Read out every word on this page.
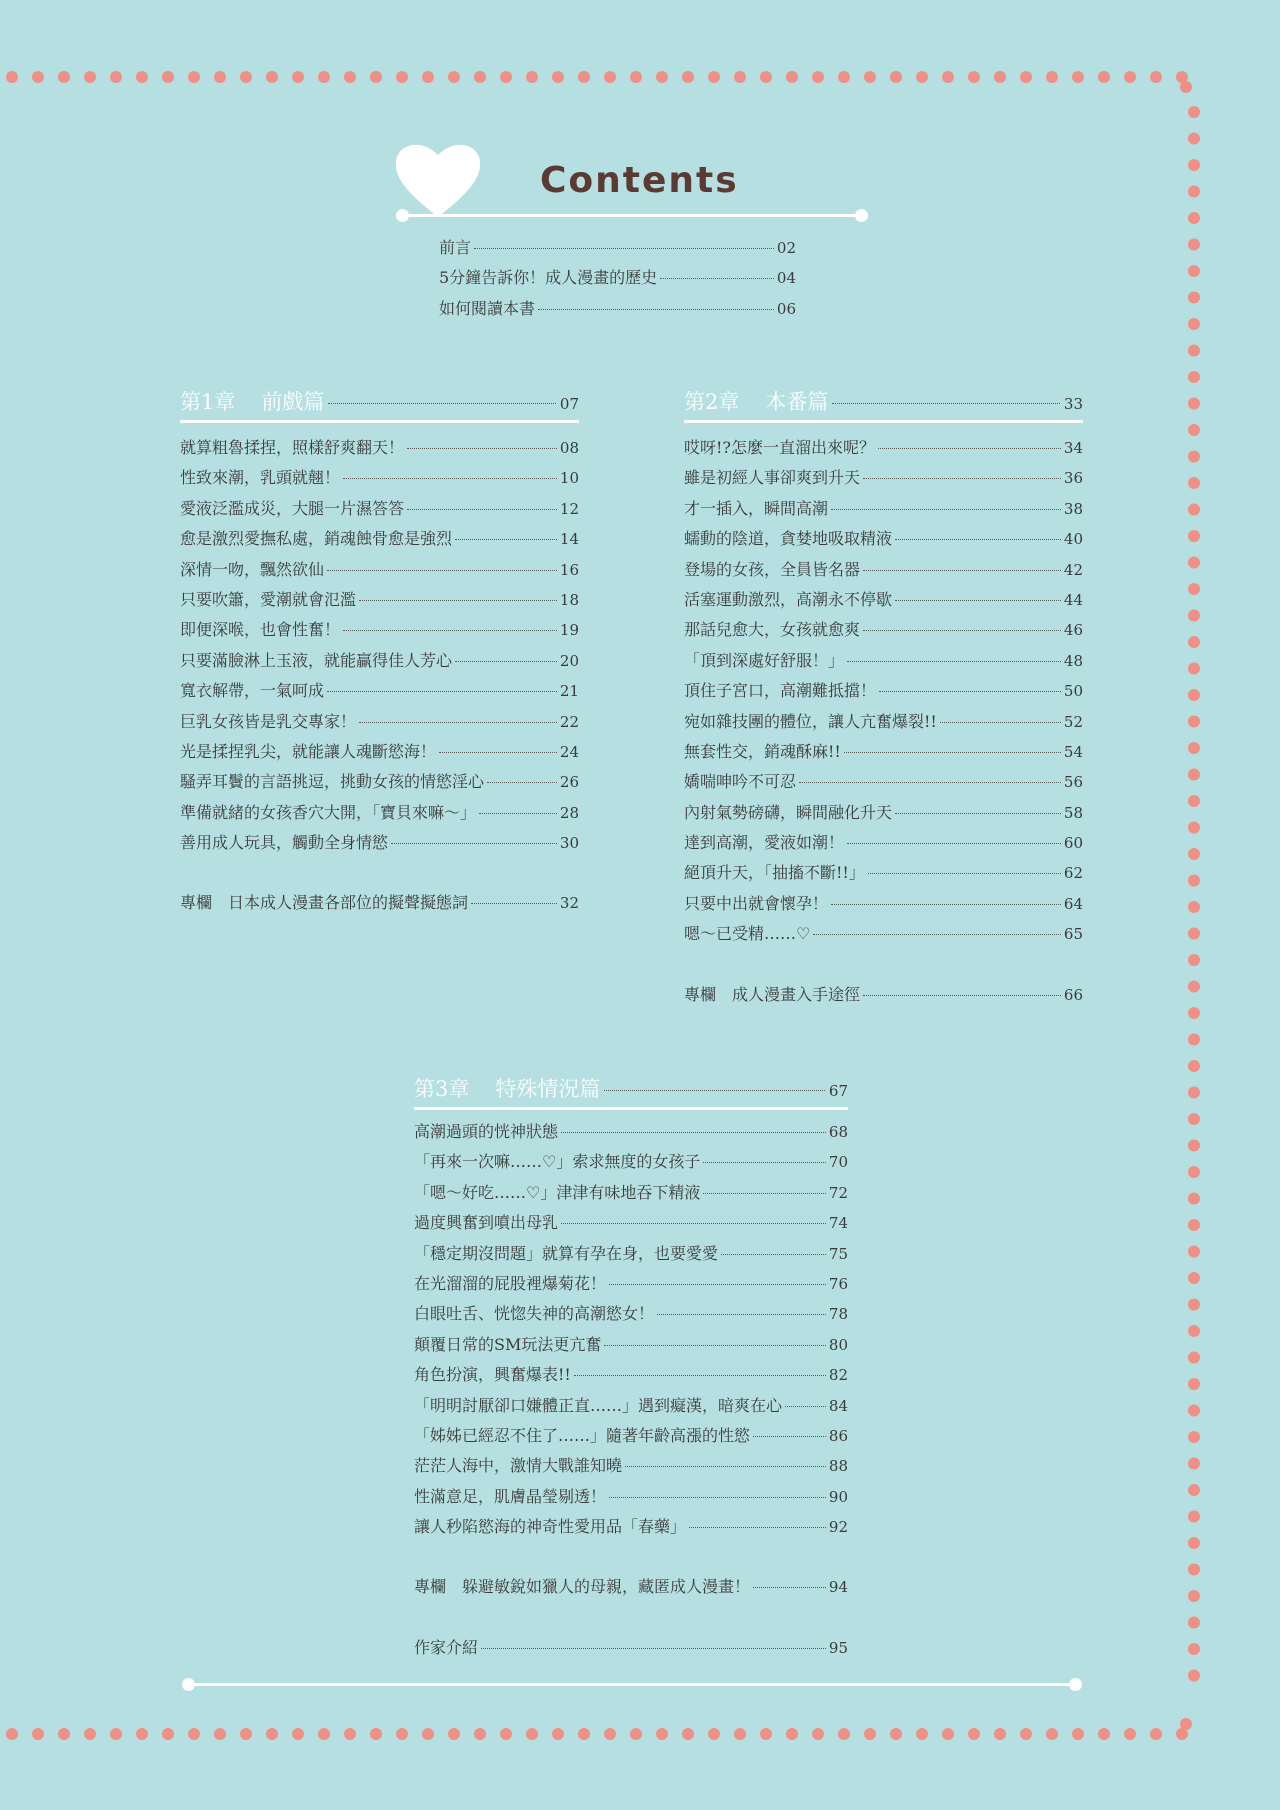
Contents
前言	02
5分鐘告訴你！成人漫畫的歷史	04
如何閱讀本書	06
第1章 前戲篇	07
就算粗魯揉捏，照樣舒爽翻天！	08
性致來潮，乳頭就翹！	10
愛液泛濫成災，大腿一片濕答答	12
愈是激烈愛撫私處，銷魂蝕骨愈是強烈	14
深情一吻，飄然欲仙	16
只要吹簫，愛潮就會氾濫	18
即便深喉，也會性奮！	19
只要滿臉淋上玉液，就能贏得佳人芳心	20
寬衣解帶，一氣呵成	21
巨乳女孩皆是乳交專家！	22
光是揉捏乳尖，就能讓人魂斷慾海！	24
騷弄耳鬢的言語挑逗，挑動女孩的情慾淫心	26
準備就緒的女孩香穴大開，「寶貝來嘛～」	28
善用成人玩具，觸動全身情慾	30
專欄　日本成人漫畫各部位的擬聲擬態詞	32
第2章 本番篇	33
哎呀!?怎麼一直溜出來呢？	34
雖是初經人事卻爽到升天	36
才一插入，瞬間高潮	38
蠕動的陰道，貪婪地吸取精液	40
登場的女孩，全員皆名器	42
活塞運動激烈，高潮永不停歇	44
那話兒愈大，女孩就愈爽	46
「頂到深處好舒服！」	48
頂住子宮口，高潮難抵擋！	50
宛如雜技團的體位，讓人亢奮爆裂!!	52
無套性交，銷魂酥麻!!	54
嬌喘呻吟不可忍	56
內射氣勢磅礴，瞬間融化升天	58
達到高潮，愛液如潮！	60
絕頂升天，「抽搐不斷!!」	62
只要中出就會懷孕！	64
嗯～已受精……♡	65
專欄　成人漫畫入手途徑	66
第3章 特殊情況篇	67
高潮過頭的恍神狀態	68
「再來一次嘛……♡」索求無度的女孩子	70
「嗯～好吃……♡」津津有味地吞下精液	72
過度興奮到噴出母乳	74
「穩定期沒問題」就算有孕在身，也要愛愛	75
在光溜溜的屁股裡爆菊花！	76
白眼吐舌、恍惚失神的高潮慾女！	78
顛覆日常的SM玩法更亢奮	80
角色扮演，興奮爆表!!	82
「明明討厭卻口嫌體正直……」遇到癡漢，暗爽在心	84
「姊姊已經忍不住了……」隨著年齡高漲的性慾	86
茫茫人海中，激情大戰誰知曉	88
性滿意足，肌膚晶瑩剔透！	90
讓人秒陷慾海的神奇性愛用品「春藥」	92
專欄　躲避敏銳如獵人的母親，藏匿成人漫畫！	94
作家介紹	95
